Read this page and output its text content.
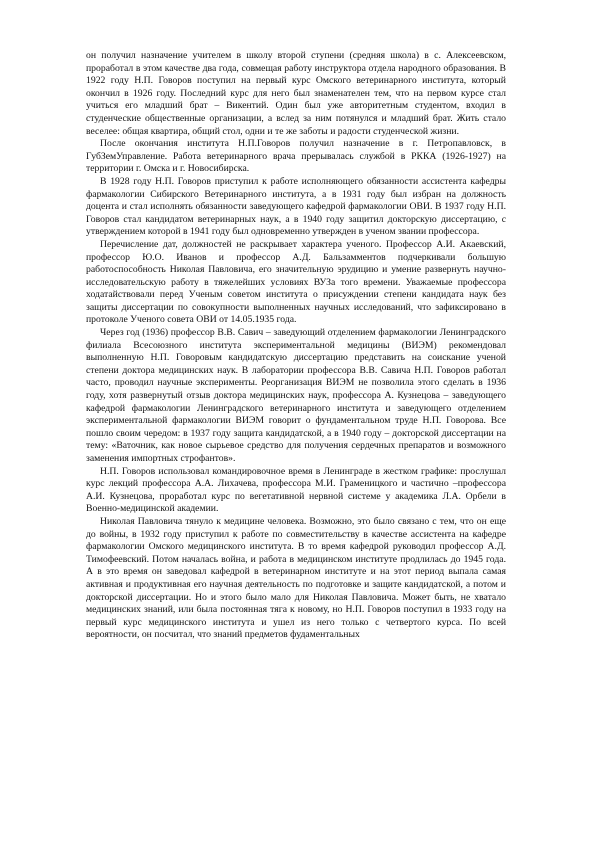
он получил назначение учителем в школу второй ступени (средняя школа) в с. Алексеевском, проработал в этом качестве два года, совмещая работу инструктора отдела народного образования. В 1922 году Н.П. Говоров поступил на первый курс Омского ветеринарного института, который окончил в 1926 году. Последний курс для него был знаменателен тем, что на первом курсе стал учиться его младший брат – Викентий. Один был уже авторитетным студентом, входил в студенческие общественные организации, а вслед за ним потянулся и младший брат. Жить стало веселее: общая квартира, общий стол, одни и те же заботы и радости студенческой жизни.

После окончания института Н.П.Говоров получил назначение в г. Петропавловск, в ГубЗемУправление. Работа ветеринарного врача прерывалась службой в РККА (1926-1927) на территории г. Омска и г. Новосибирска.

В 1928 году Н.П. Говоров приступил к работе исполняющего обязанности ассистента кафедры фармакологии Сибирского Ветеринарного института, а в 1931 году был избран на должность доцента и стал исполнять обязанности заведующего кафедрой фармакологии ОВИ. В 1937 году Н.П. Говоров стал кандидатом ветеринарных наук, а в 1940 году защитил докторскую диссертацию, с утверждением которой в 1941 году был одновременно утвержден в ученом звании профессора.

Перечисление дат, должностей не раскрывает характера ученого. Профессор А.И. Акаевский, профессор Ю.О. Иванов и профессор А.Д. Бальзамментов подчеркивали большую работоспособность Николая Павловича, его значительную эрудицию и умение развернуть научно-исследовательскую работу в тяжелейших условиях ВУЗа того времени. Уважаемые профессора ходатайствовали перед Ученым советом института о присуждении степени кандидата наук без защиты диссертации по совокупности выполненных научных исследований, что зафиксировано в протоколе Ученого совета ОВИ от 14.05.1935 года.

Через год (1936) профессор В.В. Савич – заведующий отделением фармакологии Ленинградского филиала Всесоюзного института экспериментальной медицины (ВИЭМ) рекомендовал выполненную Н.П. Говоровым кандидатскую диссертацию представить на соискание ученой степени доктора медицинских наук. В лаборатории профессора В.В. Савича Н.П. Говоров работал часто, проводил научные эксперименты. Реорганизация ВИЭМ не позволила этого сделать в 1936 году, хотя развернутый отзыв доктора медицинских наук, профессора А. Кузнецова – заведующего кафедрой фармакологии Ленинградского ветеринарного института и заведующего отделением экспериментальной фармакологии ВИЭМ говорит о фундаментальном труде Н.П. Говорова. Все пошло своим чередом: в 1937 году защита кандидатской, а в 1940 году – докторской диссертации на тему: «Ваточник, как новое сырьевое средство для получения сердечных препаратов и возможного заменения импортных строфантов».

Н.П. Говоров использовал командировочное время в Ленинграде в жестком графике: прослушал курс лекций профессора А.А. Лихачева, профессора М.И. Граменицкого и частично –профессора А.И. Кузнецова, проработал курс по вегетативной нервной системе у академика Л.А. Орбели в Военно-медицинской академии.

Николая Павловича тянуло к медицине человека. Возможно, это было связано с тем, что он еще до войны, в 1932 году приступил к работе по совместительству в качестве ассистента на кафедре фармакологии Омского медицинского института. В то время кафедрой руководил профессор А.Д. Тимофеевский. Потом началась война, и работа в медицинском институте продлилась до 1945 года. А в это время он заведовал кафедрой в ветеринарном институте и на этот период выпала самая активная и продуктивная его научная деятельность по подготовке и защите кандидатской, а потом и докторской диссертации. Но и этого было мало для Николая Павловича. Может быть, не хватало медицинских знаний, или была постоянная тяга к новому, но Н.П. Говоров поступил в 1933 году на первый курс медицинского института и ушел из него только с четвертого курса. По всей вероятности, он посчитал, что знаний предметов фудаментальных
